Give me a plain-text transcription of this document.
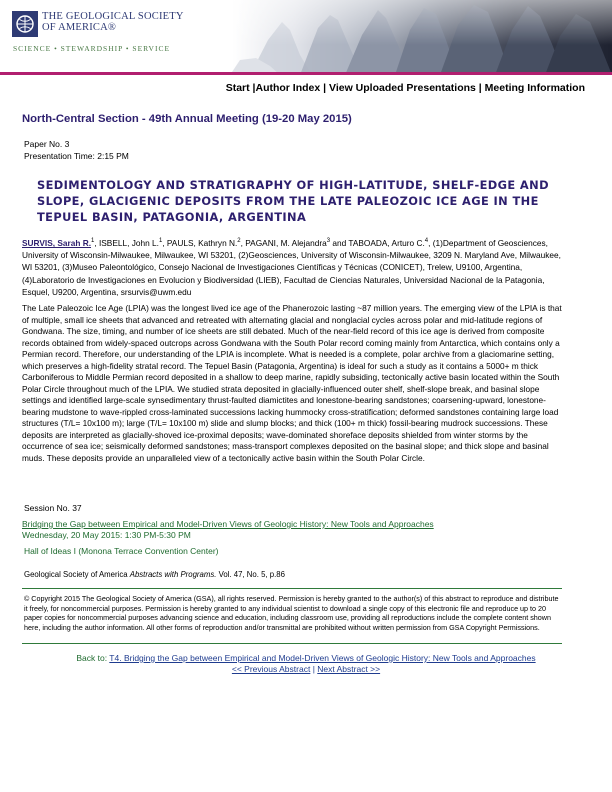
THE GEOLOGICAL SOCIETY
OF AMERICA®
SCIENCE • STEWARDSHIP • SERVICE
Start |Author Index | View Uploaded Presentations | Meeting Information
North-Central Section - 49th Annual Meeting (19-20 May 2015)
Paper No. 3
Presentation Time: 2:15 PM
SEDIMENTOLOGY AND STRATIGRAPHY OF HIGH-LATITUDE, SHELF-EDGE AND SLOPE, GLACIGENIC DEPOSITS FROM THE LATE PALEOZOIC ICE AGE IN THE TEPUEL BASIN, PATAGONIA, ARGENTINA
SURVIS, Sarah R.$^1$, ISBELL, John L.$^1$, PAULS, Kathryn N.$^2$, PAGANI, M. Alejandra$^3$ and TABOADA, Arturo C.$^4$, (1)Department of Geosciences, University of Wisconsin-Milwaukee, Milwaukee, WI 53201, (2)Geosciences, University of Wisconsin-Milwaukee, 3209 N. Maryland Ave, Milwaukee, WI 53201, (3)Museo Paleontológico, Consejo Nacional de Investigaciones Científicas y Técnicas (CONICET), Trelew, U9100, Argentina, (4)Laboratorio de Investigaciones en Evolucion y Biodiversidad (LIEB), Facultad de Ciencias Naturales, Universidad Nacional de la Patagonia, Esquel, U9200, Argentina, srsurvis@uwm.edu
The Late Paleozoic Ice Age (LPIA) was the longest lived ice age of the Phanerozoic lasting ~87 million years. The emerging view of the LPIA is that of multiple, small ice sheets that advanced and retreated with alternating glacial and nonglacial cycles across polar and mid-latitude regions of Gondwana. The size, timing, and number of ice sheets are still debated. Much of the near-field record of this ice age is derived from composite records obtained from widely-spaced outcrops across Gondwana with the South Polar record coming mainly from Antarctica, which contains only a Permian record. Therefore, our understanding of the LPIA is incomplete. What is needed is a complete, polar archive from a glaciomarine setting, which preserves a high-fidelity stratal record. The Tepuel Basin (Patagonia, Argentina) is ideal for such a study as it contains a 5000+ m thick Carboniferous to Middle Permian record deposited in a shallow to deep marine, rapidly subsiding, tectonically active basin located within the South Polar Circle throughout much of the LPIA. We studied strata deposited in glacially-influenced outer shelf, shelf-slope break, and basinal slope settings and identified large-scale synsedimentary thrust-faulted diamictites and lonestone-bearing sandstones; coarsening-upward, lonestone-bearing mudstone to wave-rippled cross-laminated successions lacking hummocky cross-stratification; deformed sandstones containing large load structures (T/L= 10x100 m); large (T/L= 10x100 m) slide and slump blocks; and thick (100+ m thick) fossil-bearing mudrock successions. These deposits are interpreted as glacially-shoved ice-proximal deposits; wave-dominated shoreface deposits shielded from winter storms by the occurrence of sea ice; seismically deformed sandstones; mass-transport complexes deposited on the basinal slope; and thick slope and basinal muds. These deposits provide an unparalleled view of a tectonically active basin within the South Polar Circle.
Session No. 37
Bridging the Gap between Empirical and Model-Driven Views of Geologic History: New Tools and Approaches
Wednesday, 20 May 2015: 1:30 PM-5:30 PM
Hall of Ideas I (Monona Terrace Convention Center)
Geological Society of America Abstracts with Programs. Vol. 47, No. 5, p.86
© Copyright 2015 The Geological Society of America (GSA), all rights reserved. Permission is hereby granted to the author(s) of this abstract to reproduce and distribute it freely, for noncommercial purposes. Permission is hereby granted to any individual scientist to download a single copy of this electronic file and reproduce up to 20 paper copies for noncommercial purposes advancing science and education, including classroom use, providing all reproductions include the complete content shown here, including the author information. All other forms of reproduction and/or transmittal are prohibited without written permission from GSA Copyright Permissions.
Back to: T4. Bridging the Gap between Empirical and Model-Driven Views of Geologic History: New Tools and Approaches
<< Previous Abstract | Next Abstract >>
